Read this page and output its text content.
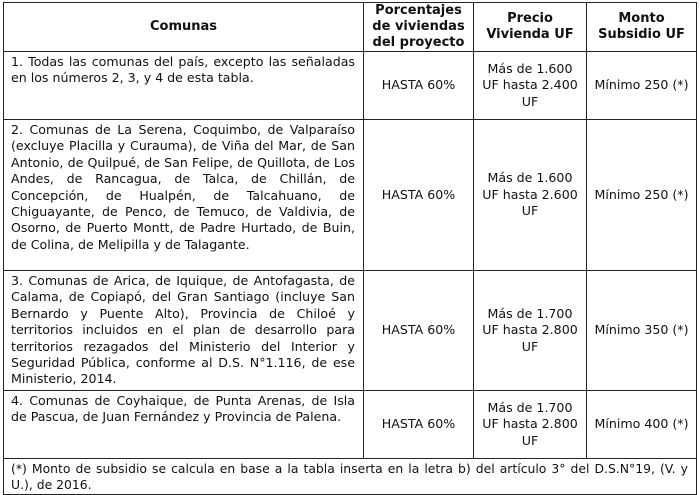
Comunas	Porcentajes de viviendas del proyecto	Precio Vivienda UF	Monto Subsidio UF
1. Todas las comunas del país, excepto las señaladas en los números 2, 3, y 4 de esta tabla.	HASTA 60%	Más de 1.600 UF hasta 2.400 UF	Mínimo 250 (*)
2. Comunas de La Serena, Coquimbo, de Valparaíso (excluye Placilla y Curauma), de Viña del Mar, de San Antonio, de Quilpué, de San Felipe, de Quillota, de Los Andes, de Rancagua, de Talca, de Chillán, de Concepción, de Hualpén, de Talcahuano, de Chiguayante, de Penco, de Temuco, de Valdivia, de Osorno, de Puerto Montt, de Padre Hurtado, de Buin, de Colina, de Melipilla y de Talagante.	HASTA 60%	Más de 1.600 UF hasta 2.600 UF	Mínimo 250 (*)
3. Comunas de Arica, de Iquique, de Antofagasta, de Calama, de Copiapó, del Gran Santiago (incluye San Bernardo y Puente Alto), Provincia de Chiloé y territorios incluidos en el plan de desarrollo para territorios rezagados del Ministerio del Interior y Seguridad Pública, conforme al D.S. N°1.116, de ese Ministerio, 2014.	HASTA 60%	Más de 1.700 UF hasta 2.800 UF	Mínimo 350 (*)
4. Comunas de Coyhaique, de Punta Arenas, de Isla de Pascua, de Juan Fernández y Provincia de Palena.	HASTA 60%	Más de 1.700 UF hasta 2.800 UF	Mínimo 400 (*)
(*) Monto de subsidio se calcula en base a la tabla inserta en la letra b) del artículo 3° del D.S.N°19, (V. y U.), de 2016.			
